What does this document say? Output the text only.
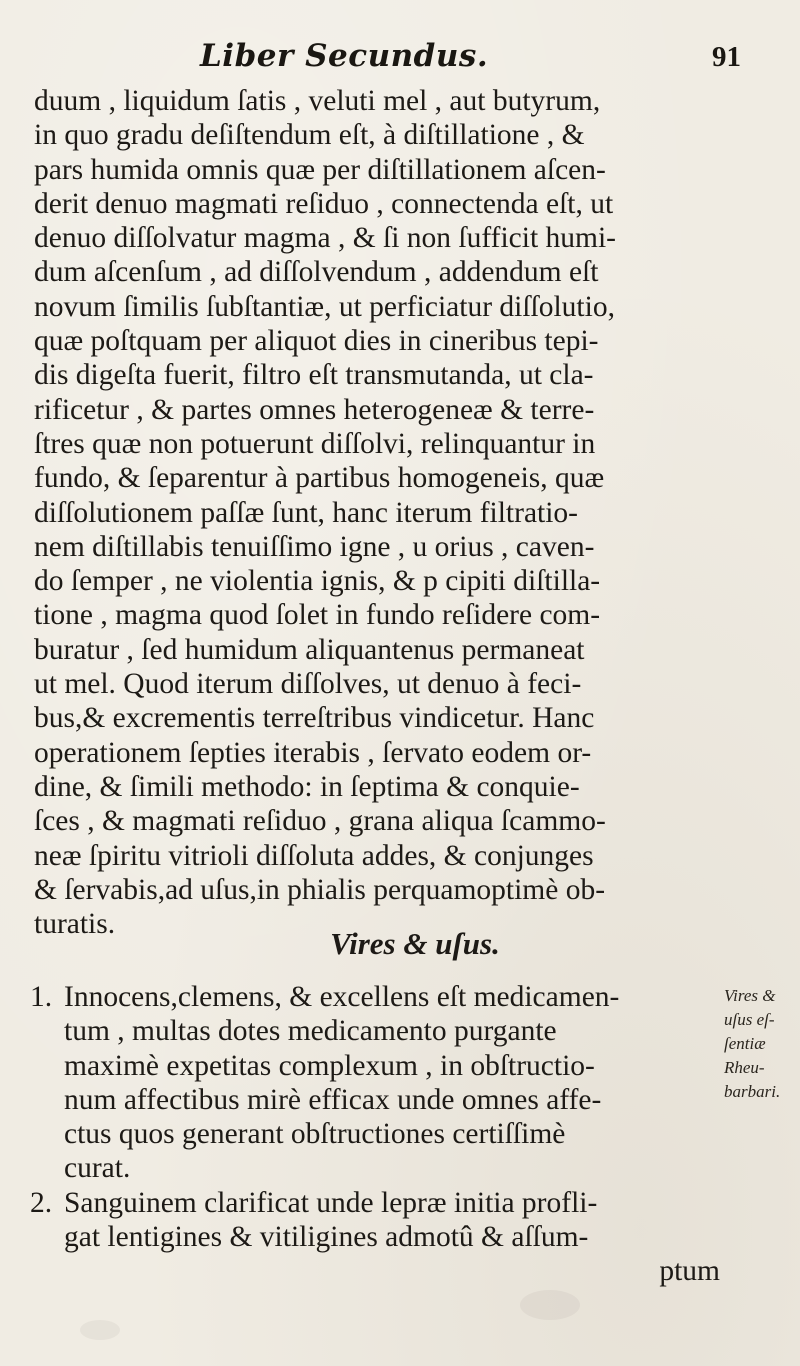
Liber Secundus.	91
duum , liquidum ſatis , veluti mel , aut butyrum,
in quo gradu deſiſtendum eſt, à diſtillatione , &
pars humida omnis quæ per diſtillationem aſcen-
derit denuo magmati reſiduo , connectenda eſt, ut
denuo diſſolvatur magma , & ſi non ſufficit humi-
dum aſcenſum , ad diſſolvendum , addendum eſt
novum ſimilis ſubſtantiæ, ut perficiatur diſſolutio,
quæ poſtquam per aliquot dies in cineribus tepi-
dis digeſta fuerit, filtro eſt transmutanda, ut cla-
rificetur , & partes omnes heterogeneæ & terre-
ſtres quæ non potuerunt diſſolvi, relinquantur in
fundo, & ſeparentur à partibus homogeneis, quæ
diſſolutionem paſſæ ſunt, hanc iterum filtratio-
nem diſtillabis tenuiſſimo igne , u orius , caven-
do ſemper , ne violentia ignis, & p cipiti diſtilla-
tione , magma quod ſolet in fundo reſidere com-
buratur , ſed humidum aliquantenus permaneat
ut mel. Quod iterum diſſolves, ut denuo à feci-
bus,& excrementis terreſtribus vindicetur. Hanc
operationem ſepties iterabis , ſervato eodem or-
dine, & ſimili methodo: in ſeptima & conquie-
ſces , & magmati reſiduo , grana aliqua ſcammo-
neæ ſpiritu vitrioli diſſoluta addes, & conjunges
& ſervabis,ad uſus,in phialis perquamoptimè ob-
turatis.
Vires & uſus.
1. Innocens,clemens, & excellens eſt medicamen-
tum , multas dotes medicamento purgante
maximè expetitas complexum , in obſtructio-
num affectibus mirè efficax unde omnes affe-
ctus quos generant obſtructiones certiſſimè
curat.
2. Sanguinem clarificat unde lepræ initia profli-
gat lentigines & vitiligines admotû & aſſum-
ptum
Vires &
uſus eſ-
ſentiæ
Rheu-
barbari.
